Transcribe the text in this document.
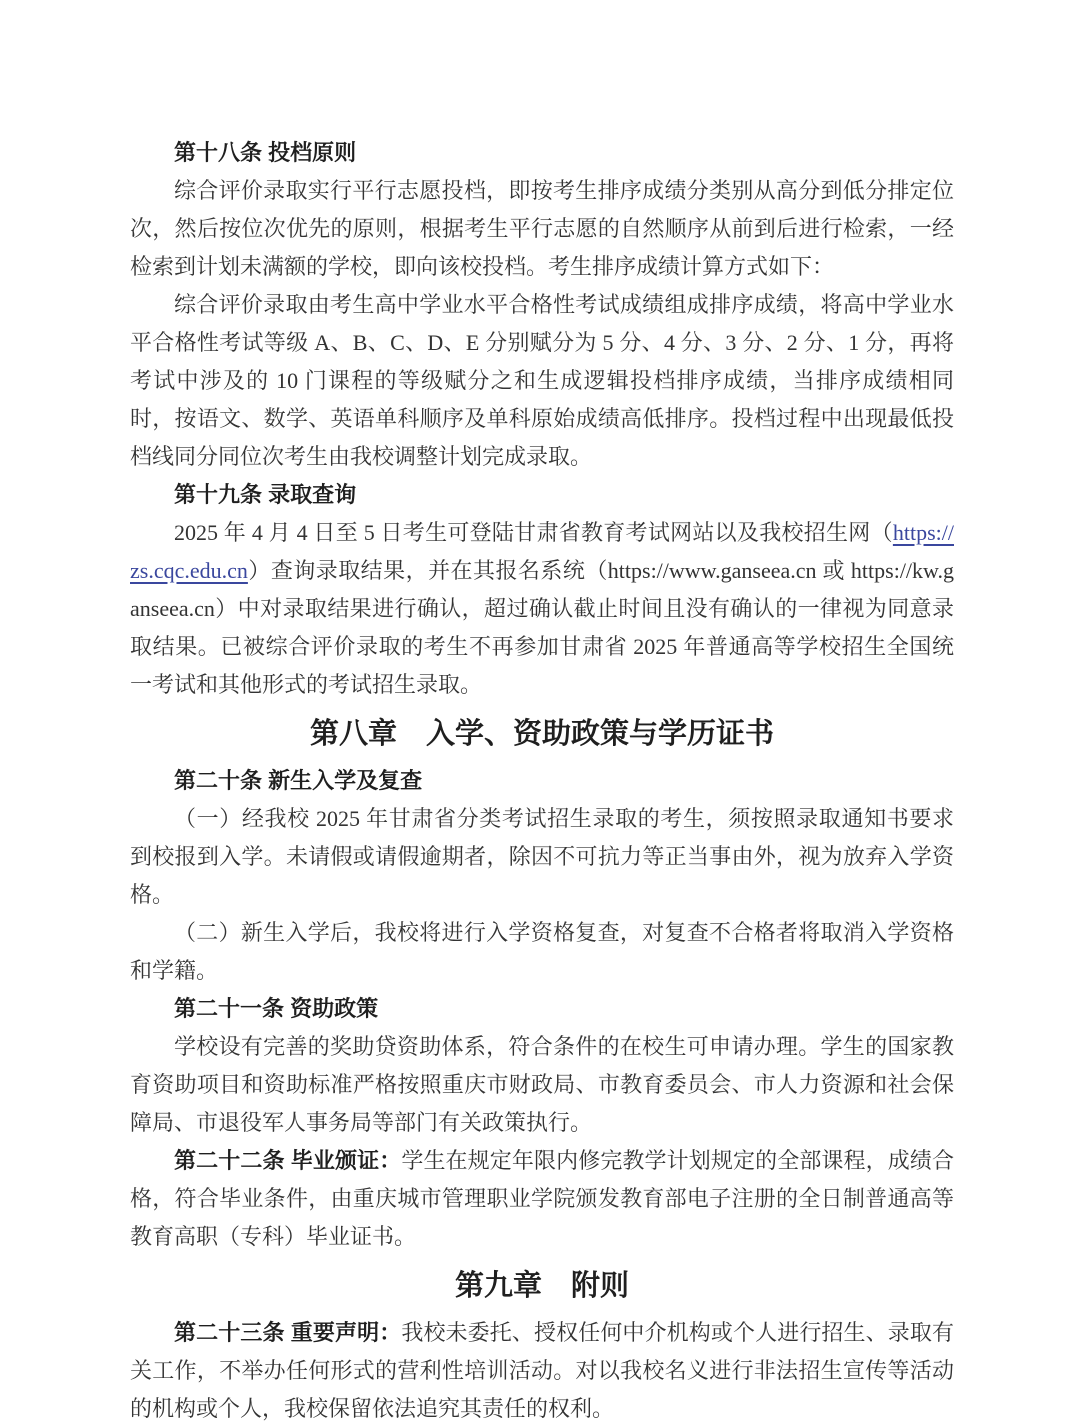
第十八条 投档原则

综合评价录取实行平行志愿投档，即按考生排序成绩分类别从高分到低分排定位次，然后按位次优先的原则，根据考生平行志愿的自然顺序从前到后进行检索，一经检索到计划未满额的学校，即向该校投档。考生排序成绩计算方式如下：

综合评价录取由考生高中学业水平合格性考试成绩组成排序成绩，将高中学业水平合格性考试等级 A、B、C、D、E 分别赋分为 5 分、4 分、3 分、2 分、1 分，再将考试中涉及的 10 门课程的等级赋分之和生成逻辑投档排序成绩，当排序成绩相同时，按语文、数学、英语单科顺序及单科原始成绩高低排序。投档过程中出现最低投档线同分同位次考生由我校调整计划完成录取。

第十九条 录取查询

2025 年 4 月 4 日至 5 日考生可登陆甘肃省教育考试网站以及我校招生网（https://zs.cqc.edu.cn）查询录取结果，并在其报名系统（https://www.ganseea.cn 或 https://kw.ganseea.cn）中对录取结果进行确认，超过确认截止时间且没有确认的一律视为同意录取结果。已被综合评价录取的考生不再参加甘肃省 2025 年普通高等学校招生全国统一考试和其他形式的考试招生录取。

第八章　入学、资助政策与学历证书
第二十条 新生入学及复查

（一）经我校 2025 年甘肃省分类考试招生录取的考生，须按照录取通知书要求到校报到入学。未请假或请假逾期者，除因不可抗力等正当事由外，视为放弃入学资格。

（二）新生入学后，我校将进行入学资格复查，对复查不合格者将取消入学资格和学籍。

第二十一条 资助政策

学校设有完善的奖助贷资助体系，符合条件的在校生可申请办理。学生的国家教育资助项目和资助标准严格按照重庆市财政局、市教育委员会、市人力资源和社会保障局、市退役军人事务局等部门有关政策执行。

第二十二条 毕业颁证：学生在规定年限内修完教学计划规定的全部课程，成绩合格，符合毕业条件，由重庆城市管理职业学院颁发教育部电子注册的全日制普通高等教育高职（专科）毕业证书。

第九章　附则

第二十三条 重要声明：我校未委托、授权任何中介机构或个人进行招生、录取有关工作，不举办任何形式的营利性培训活动。对以我校名义进行非法招生宣传等活动的机构或个人，我校保留依法追究其责任的权利。
